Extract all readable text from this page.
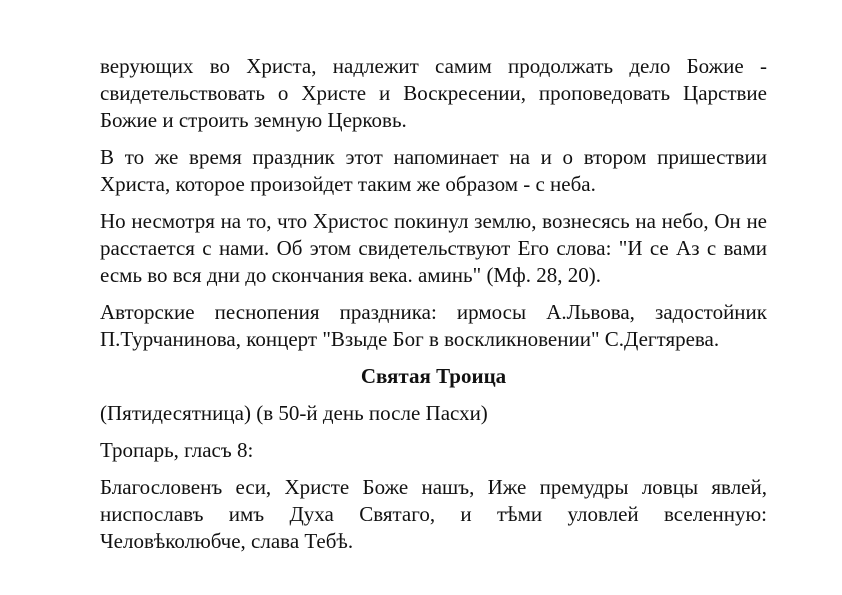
верующих во Христа, надлежит самим продолжать дело Божие - свидетельствовать о Христе и Воскресении, проповедовать Царствие Божие и строить земную Церковь.

В то же время праздник этот напоминает на и о втором пришествии Христа, которое произойдет таким же образом - с неба.

Но несмотря на то, что Христос покинул землю, вознесясь на небо, Он не расстается с нами. Об этом свидетельствуют Его слова: "И се Аз с вами есмь во вся дни до скончания века. аминь" (Мф. 28, 20).

Авторские песнопения праздника: ирмосы А.Львова, задостойник П.Турчанинова, концерт "Взыде Бог в воскликновении" С.Дегтярева.

Святая Троица

(Пятидесятница) (в 50-й день после Пасхи)

Тропарь, гласъ 8:

Благословенъ еси, Христе Боже нашъ, Иже премудры ловцы явлей, ниспославъ имъ Духа Святаго, и тѣми уловлей вселенную: Человѣколюбче, слава Тебѣ.
